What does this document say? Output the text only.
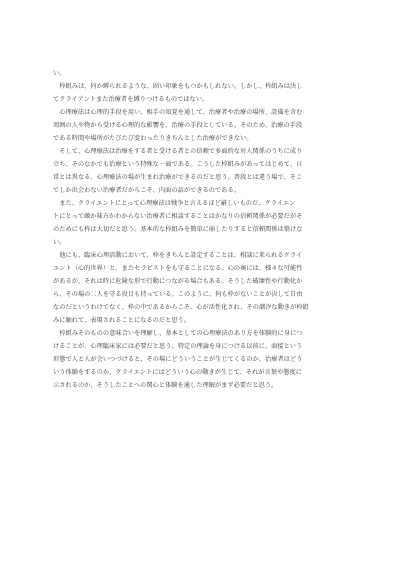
い。
　枠組みは、何か縛られるような、固い印象をもつかもしれない。しかし、枠組みは決し
てクライアントまた治療者を縛りつけるものではない。
　心理療法は心理的手段を用い、相手の知覚を通して、治療者や治療の場所、設備を含む
周囲の人や物から受ける心理的な影響を、治療の手段としている。そのため、治療の手段
である時間や場所がたびたび変わったりきちんとした治療ができない。
　そして、心理療法は治療をする者と受ける者との信頼で多面的な対人関係のうちに成り
立ち、そのなかでも治療という特殊な一面である。こうした枠組みがあってはじめて、日
常とは異なる、心理療法の場が生まれ治療ができるのだと思う。普段とは違う場で、そこ
でしか出会わない治療者だからこそ、内面の話ができるのである。
　また、クライエントにとって心理療法は戦争と言えるほど厳しいものだ。クライエン
トにとって敵か味方かわからない治療者に相談することはかなりの信頼関係が必要だがそ
のためにも枠は大切だと思う。基本的な枠組みを簡単に崩したりすると信頼関係は築けな
い。
　他にも、臨床心理活動において、枠をきちんと設定することは、相談に来られるクライ
エント（心的世界）と、またセラピストをも守ることになる。心の奥には、様々な可能性
があるが、それは時に危険な形で行動につながる場合もある。そうした破壊性や行動化か
ら、その場の二人を守る役目も持っている。このように、何も枠がないことが決して自由
なのだというわけでなく、枠の中であるからこそ、心が活性化され、その潮汐な動きが枠組
みに触れて、表現されることになるのだと思う。
　枠組みそのものの意味合いを理解し、基本としての心理療法のあり方を体験的に身につ
けることが、心理臨床家には必要だと思う。特定の理論を身につける以前に、面接という
形態で人と人が会いつづけると、その場にどういうことが生じてくるのか、治療者はどう
いう体験をするのか、クライエントにはどういう心の動きが生じて、それが言葉や態度に
示されるのか、そうしたことへの関心と体験を通した理解がまず必要だと思う。
